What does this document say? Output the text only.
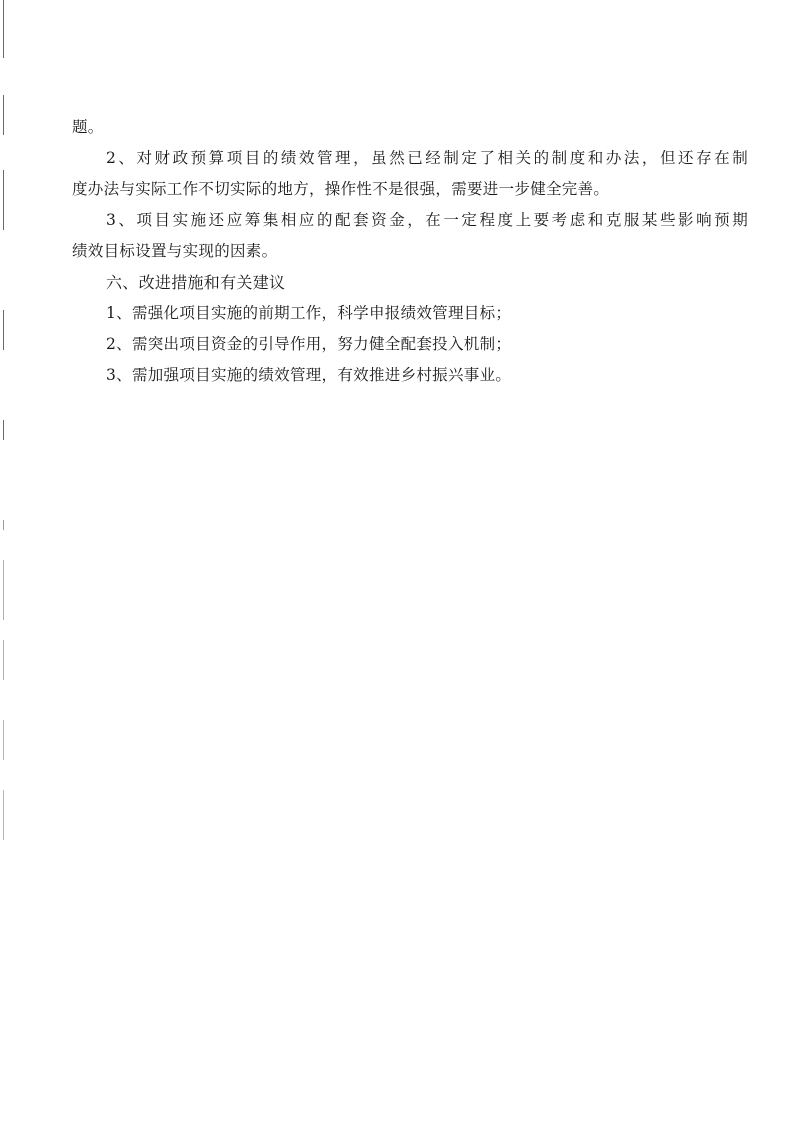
题。
2、对财政预算项目的绩效管理，虽然已经制定了相关的制度和办法，但还存在制
度办法与实际工作不切实际的地方，操作性不是很强，需要进一步健全完善。
3、项目实施还应筹集相应的配套资金，在一定程度上要考虑和克服某些影响预期
绩效目标设置与实现的因素。
六、改进措施和有关建议
1、需强化项目实施的前期工作，科学申报绩效管理目标；
2、需突出项目资金的引导作用，努力健全配套投入机制；
3、需加强项目实施的绩效管理，有效推进乡村振兴事业。
